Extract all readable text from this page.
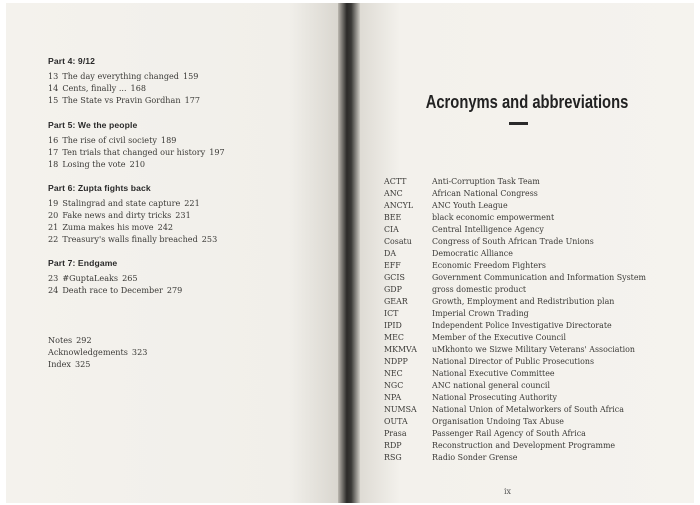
Part 4: 9/12
13 The day everything changed 159
14 Cents, finally ... 168
15 The State vs Pravin Gordhan 177
Part 5: We the people
16 The rise of civil society 189
17 Ten trials that changed our history 197
18 Losing the vote 210
Part 6: Zupta fights back
19 Stalingrad and state capture 221
20 Fake news and dirty tricks 231
21 Zuma makes his move 242
22 Treasury's walls finally breached 253
Part 7: Endgame
23 #GuptaLeaks 265
24 Death race to December 279
Notes 292
Acknowledgements 323
Index 325
Acronyms and abbreviations
ACTT	Anti-Corruption Task Team
ANC	African National Congress
ANCYL ANC Youth League
BEE	black economic empowerment
CIA	Central Intelligence Agency
Cosatu	Congress of South African Trade Unions
DA	Democratic Alliance
EFF	Economic Freedom Fighters
GCIS	Government Communication and Information System
GDP	gross domestic product
GEAR	Growth, Employment and Redistribution plan
ICT	Imperial Crown Trading
IPID	Independent Police Investigative Directorate
MEC	Member of the Executive Council
MKMVA uMkhonto we Sizwe Military Veterans' Association
NDPP	National Director of Public Prosecutions
NEC	National Executive Committee
NGC	ANC national general council
NPA	National Prosecuting Authority
NUMSA National Union of Metalworkers of South Africa
OUTA	Organisation Undoing Tax Abuse
Prasa	Passenger Rail Agency of South Africa
RDP	Reconstruction and Development Programme
RSG	Radio Sonder Grense
ix
